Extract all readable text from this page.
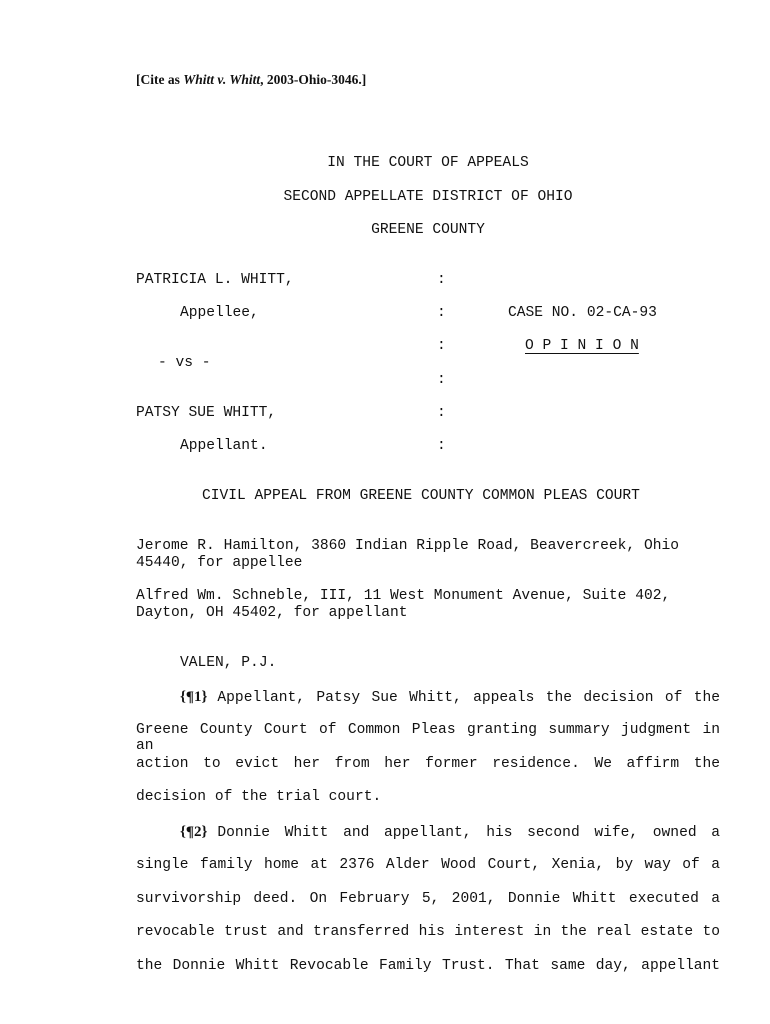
[Cite as Whitt v. Whitt, 2003-Ohio-3046.]
IN THE COURT OF APPEALS
SECOND APPELLATE DISTRICT OF OHIO
GREENE COUNTY
PATRICIA L. WHITT,
Appellee,
- vs -
PATSY SUE WHITT,
Appellant.
:
:
:
:
:
:
CASE NO. 02-CA-93
O P I N I O N
CIVIL APPEAL FROM GREENE COUNTY COMMON PLEAS COURT
Jerome R. Hamilton, 3860 Indian Ripple Road, Beavercreek, Ohio
45440, for appellee
Alfred Wm. Schneble, III, 11 West Monument Avenue, Suite 402,
Dayton, OH 45402, for appellant
VALEN, P.J.
{¶1} Appellant, Patsy Sue Whitt, appeals the decision of the
Greene County Court of Common Pleas granting summary judgment in an
action to evict her from her former residence. We affirm the
decision of the trial court.
{¶2} Donnie Whitt and appellant, his second wife, owned a
single family home at 2376 Alder Wood Court, Xenia, by way of a
survivorship deed. On February 5, 2001, Donnie Whitt executed a
revocable trust and transferred his interest in the real estate to
the Donnie Whitt Revocable Family Trust. That same day, appellant
